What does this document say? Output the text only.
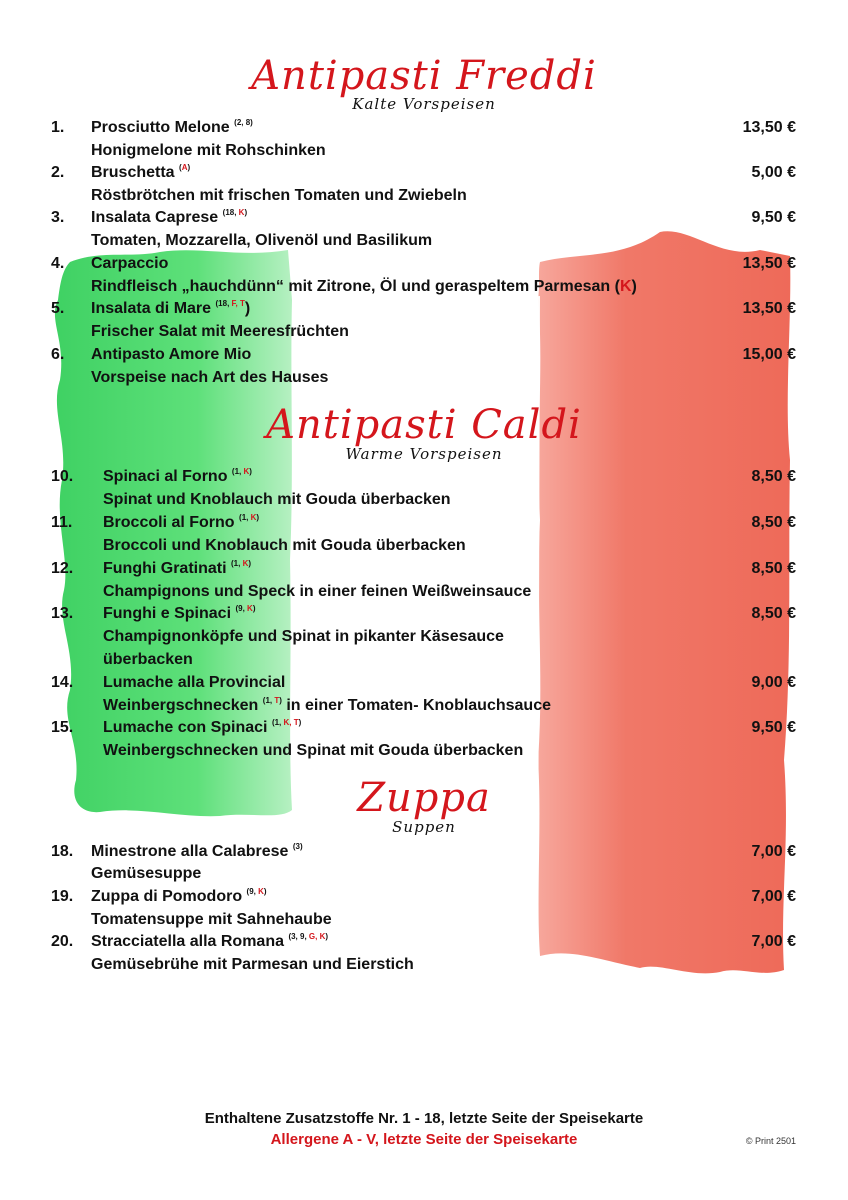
Antipasti Freddi
Kalte Vorspeisen
1. Prosciutto Melone $^{(2, 8)}$	13,50 €
Honigmelone mit Rohschinken
2. Bruschetta $^{(A)}$	5,00 €
Röstbrötchen mit frischen Tomaten und Zwiebeln
3. Insalata Caprese $^{(18, K)}$	9,50 €
Tomaten, Mozzarella, Olivenöl und Basilikum
4. Carpaccio	13,50 €
Rindfleisch „hauchdünn“ mit Zitrone, Öl und geraspeltem Parmesan (K)
5. Insalata di Mare $^{(18, F, T}$)	13,50 €
Frischer Salat mit Meeresfrüchten
6. Antipasto Amore Mio	15,00 €
Vorspeise nach Art des Hauses
Antipasti Caldi
Warme Vorspeisen
10. Spinaci al Forno $^{(1, K)}$	8,50 €
Spinat und Knoblauch mit Gouda überbacken
11. Broccoli al Forno $^{(1, K)}$	8,50 €
Broccoli und Knoblauch mit Gouda überbacken
12. Funghi Gratinati $^{(1, K)}$	8,50 €
Champignons und Speck in einer feinen Weißweinsauce
13. Funghi e Spinaci $^{(9, K)}$	8,50 €
Champignonköpfe und Spinat in pikanter Käsesauce
überbacken
14. Lumache alla Provincial	9,00 €
Weinbergschnecken $^{(1, T)}$ in einer Tomaten- Knoblauchsauce
15. Lumache con Spinaci $^{(1, K, T)}$	9,50 €
Weinbergschnecken und Spinat mit Gouda überbacken
Zuppa
Suppen
18. Minestrone alla Calabrese $^{(3)}$	7,00 €
Gemüsesuppe
19. Zuppa di Pomodoro $^{(9, K)}$	7,00 €
Tomatensuppe mit Sahnehaube
20. Stracciatella alla Romana $^{(3, 9, G, K)}$	7,00 €
Gemüsebrühe mit Parmesan und Eierstich
Enthaltene Zusatzstoffe Nr. 1 - 18, letzte Seite der Speisekarte
Allergene A - V, letzte Seite der Speisekarte	© Print 2501
